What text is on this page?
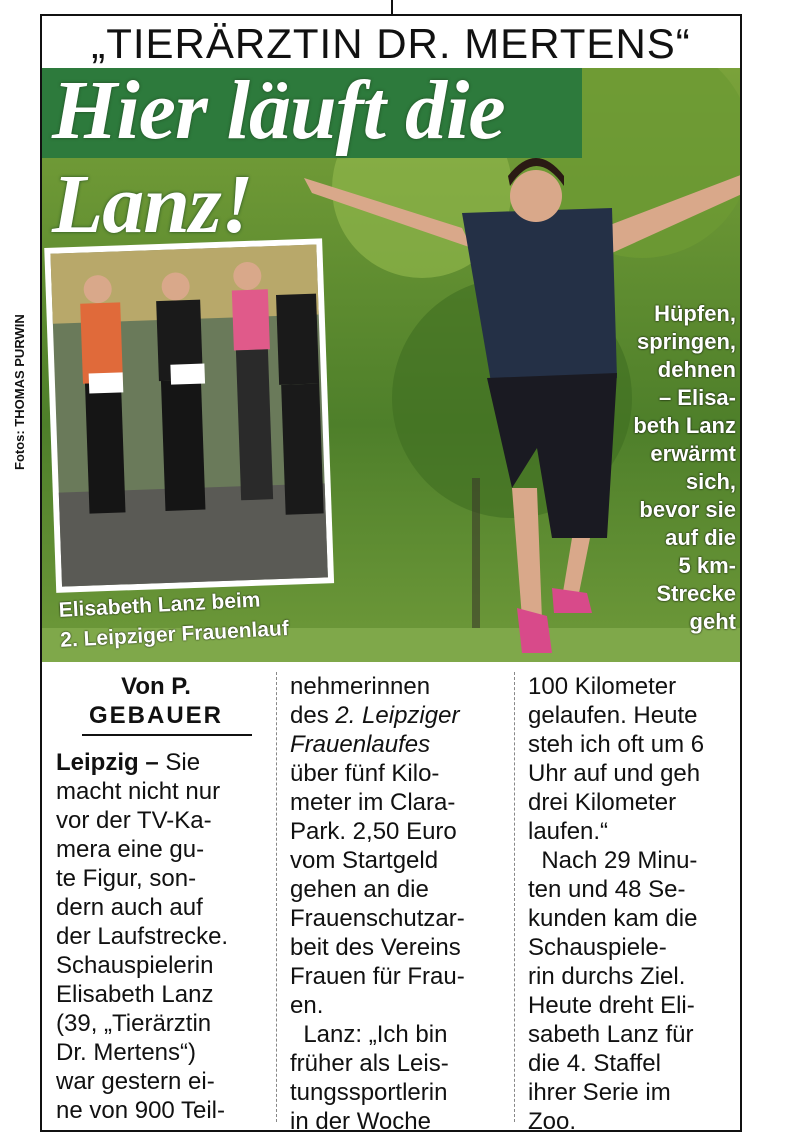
„TIERÄRZTIN DR. MERTENS“
Hier läuft die
Lanz!
Fotos: THOMAS PURWIN
Hüpfen,
springen,
dehnen
– Elisa-
beth Lanz
erwärmt
sich,
bevor sie
auf die
5 km-
Strecke
geht
Elisabeth Lanz beim
2. Leipziger Frauenlauf
Von P.
GEBAUER
Leipzig – Sie
macht nicht nur
vor der TV-Ka-
mera eine gu-
te Figur, son-
dern auch auf
der Laufstrecke.
Schauspielerin
Elisabeth Lanz
(39, „Tierärztin
Dr. Mertens“)
war gestern ei-
ne von 900 Teil-
nehmerinnen
des 2. Leipziger
Frauenlaufes
über fünf Kilo-
meter im Clara-
Park. 2,50 Euro
vom Startgeld
gehen an die
Frauenschutzar-
beit des Vereins
Frauen für Frau-
en.
Lanz: „Ich bin
früher als Leis-
tungssportlerin
in der Woche
100 Kilometer
gelaufen. Heute
steh ich oft um 6
Uhr auf und geh
drei Kilometer
laufen.“
Nach 29 Minu-
ten und 48 Se-
kunden kam die
Schauspiele-
rin durchs Ziel.
Heute dreht Eli-
sabeth Lanz für
die 4. Staffel
ihrer Serie im
Zoo.
